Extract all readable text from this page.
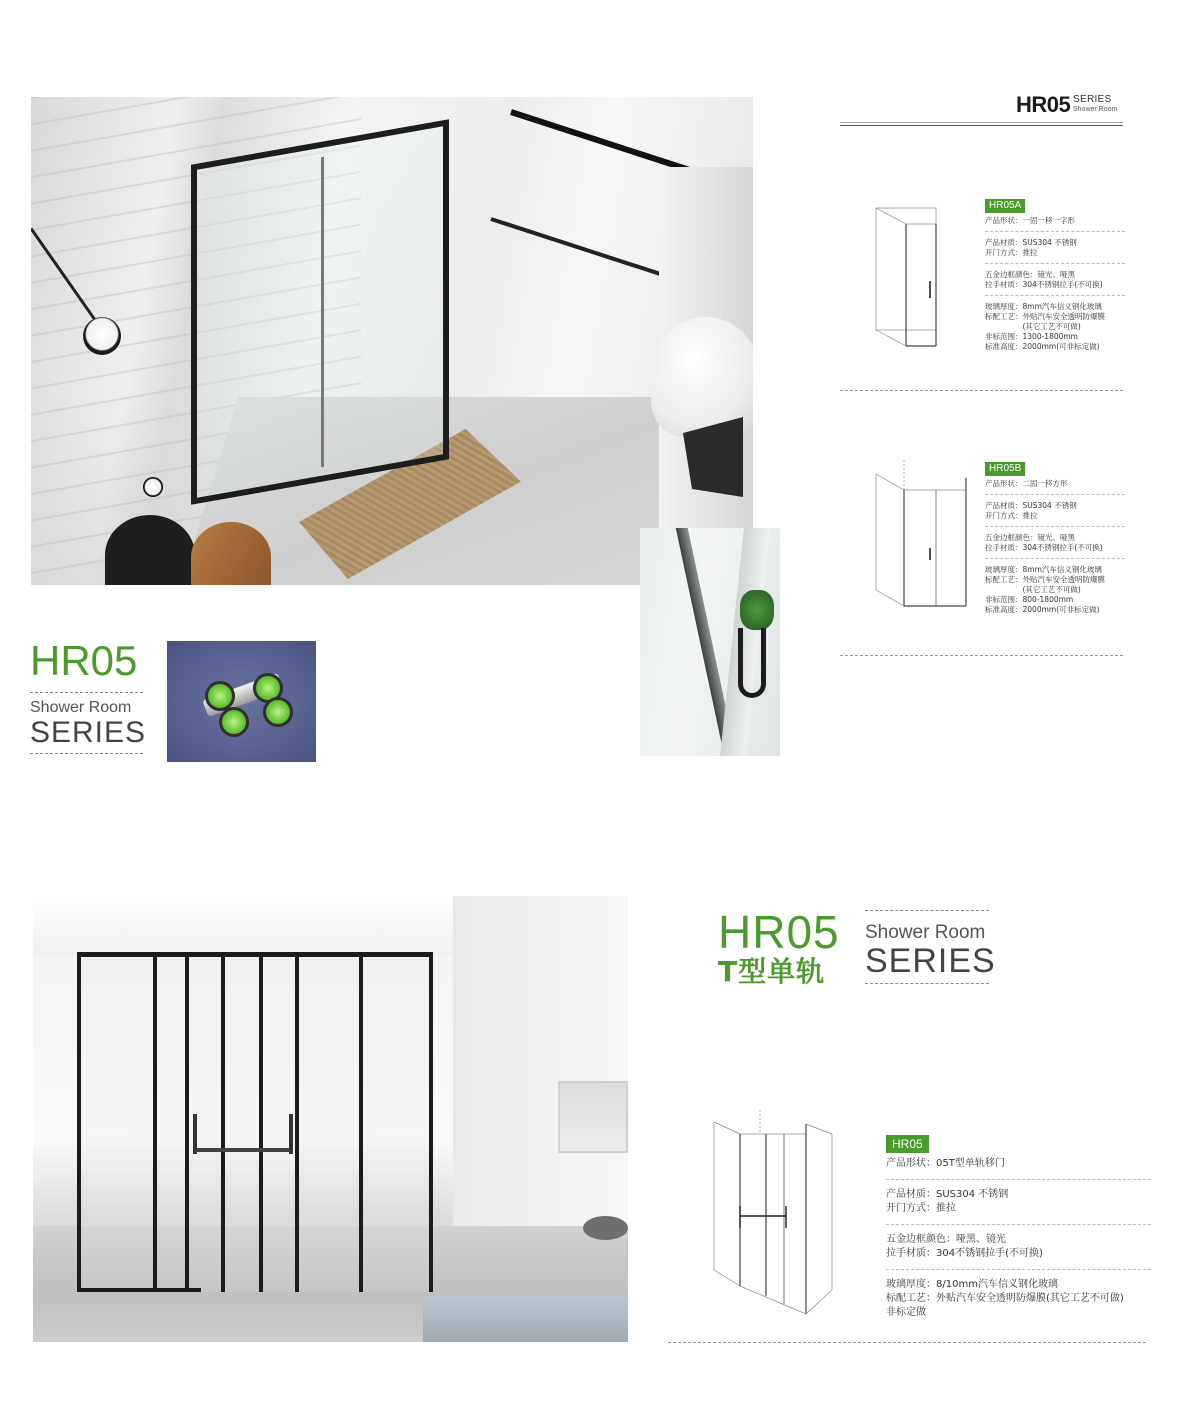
HR05 SERIES
Shower Room
HR05
Shower Room
SERIES
HR05A
产品形状：一固一移一字形
产品材质：SUS304 不锈钢
开门方式：推拉
五金边框颜色：镜光、哑黑
拉手材质：304不锈钢拉手(不可换)
玻璃厚度：8mm汽车信义钢化玻璃
标配工艺：外贴汽车安全透明防爆膜
　　　　　(其它工艺不可做)
非标范围：1300-1800mm
标准高度：2000mm(可非标定做)
HR05B
产品形状：二固一移方形
产品材质：SUS304 不锈钢
开门方式：推拉
五金边框颜色：镜光、哑黑
拉手材质：304不锈钢拉手(不可换)
玻璃厚度：8mm汽车信义钢化玻璃
标配工艺：外贴汽车安全透明防爆膜
　　　　　(其它工艺不可做)
非标范围：800-1800mm
标准高度：2000mm(可非标定做)
HR05
T型单轨
Shower Room
SERIES
HR05
产品形状：05T型单轨移门
产品材质：SUS304 不锈钢
开门方式：推拉
五金边框颜色：哑黑、镜光
拉手材质：304不锈钢拉手(不可换)
玻璃厚度：8/10mm汽车信义钢化玻璃
标配工艺：外贴汽车安全透明防爆膜(其它工艺不可做)
非标定做
